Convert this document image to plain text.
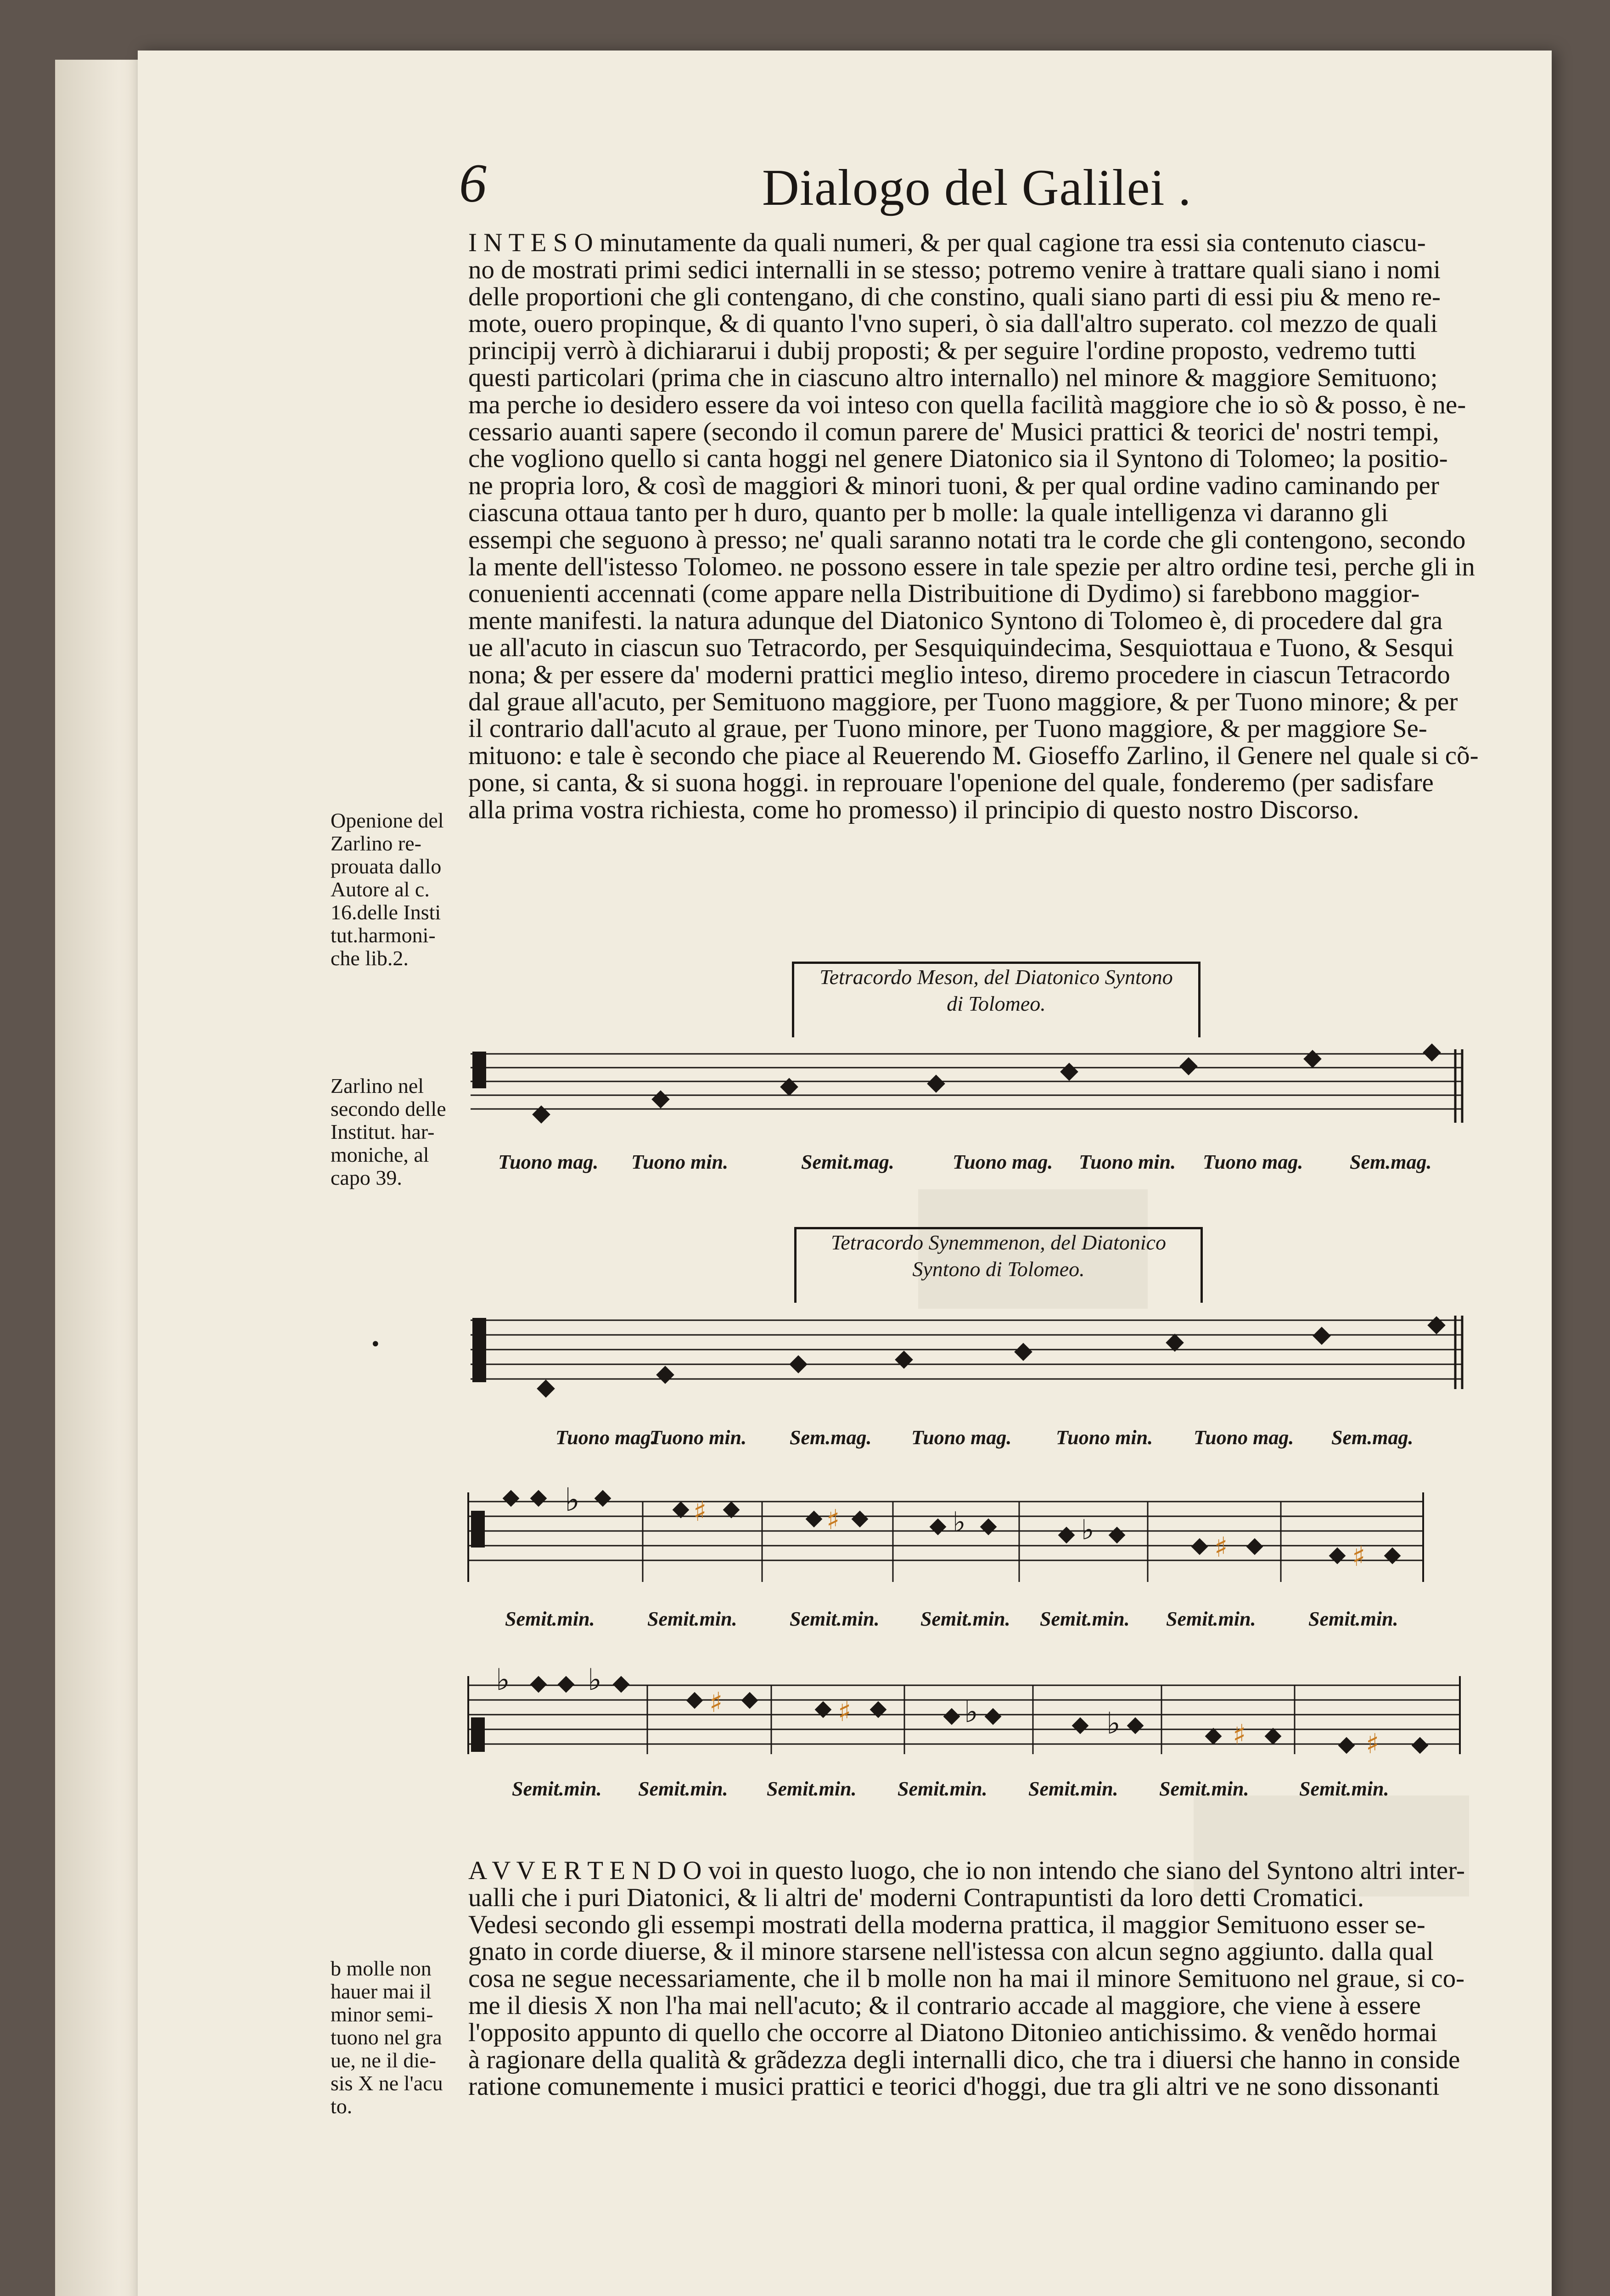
6	Dialogo del Galilei .
I N T E S O minutamente da quali numeri, & per qual cagione tra essi sia contenuto ciascu-
no de mostrati primi sedici internalli in se stesso; potremo venire à trattare quali siano i nomi
delle proportioni che gli contengano, di che constino, quali siano parti di essi piu & meno re-
mote, ouero propinque, & di quanto l'vno superi, ò sia dall'altro superato. col mezzo de quali
principij verrò à dichiararui i dubij proposti; & per seguire l'ordine proposto, vedremo tutti
questi particolari (prima che in ciascuno altro internallo) nel minore & maggiore Semituono;
ma perche io desidero essere da voi inteso con quella facilità maggiore che io sò & posso, è ne-
cessario auanti sapere (secondo il comun parere de' Musici prattici & teorici de' nostri tempi,
che vogliono quello si canta hoggi nel genere Diatonico sia il Syntono di Tolomeo; la positio-
ne propria loro, & così de maggiori & minori tuoni, & per qual ordine vadino caminando per
ciascuna ottaua tanto per h duro, quanto per b molle: la quale intelligenza vi daranno gli
essempi che seguono à presso; ne' quali saranno notati tra le corde che gli contengono, secondo
la mente dell'istesso Tolomeo. ne possono essere in tale spezie per altro ordine tesi, perche gli in
conuenienti accennati (come appare nella Distribuitione di Dydimo) si farebbono maggior-
mente manifesti. la natura adunque del Diatonico Syntono di Tolomeo è, di procedere dal gra
ue all'acuto in ciascun suo Tetracordo, per Sesquiquindecima, Sesquiottaua e Tuono, & Sesqui
nona; & per essere da' moderni prattici meglio inteso, diremo procedere in ciascun Tetracordo
dal graue all'acuto, per Semituono maggiore, per Tuono maggiore, & per Tuono minore; & per
il contrario dall'acuto al graue, per Tuono minore, per Tuono maggiore, & per maggiore Se-
mituono: e tale è secondo che piace al Reuerendo M. Gioseffo Zarlino, il Genere nel quale si cõ-
pone, si canta, & si suona hoggi. in reprouare l'openione del quale, fonderemo (per sadisfare
alla prima vostra richiesta, come ho promesso) il principio di questo nostro Discorso.
Openione del
Zarlino re-
prouata dallo
Autore al c.
16.delle Insti
tut.harmoni-
che lib.2.
Zarlino nel
secondo delle
Institut. har-
moniche, al
capo 39.
•
Tetracordo Meson, del Diatonico Syntono
di Tolomeo.
Tuono mag. Tuono min.	Semit.mag.	Tuono mag. Tuono min. Tuono mag. Sem.mag.
Tetracordo Synemmenon, del Diatonico
Syntono di Tolomeo.
Tuono mag.
Tuono min. Sem.mag. Tuono mag. Tuono min. Tuono mag. Sem.mag.
♭	♯	♯
♯	♯
♭	♭
Semit.min.	Semit.min.	Semit.min. Semit.min. Semit.min. Semit.min.	Semit.min.
♭	♭
♭	♭
♯	♯
♯	♯
Semit.min. Semit.min. Semit.min. Semit.min. Semit.min. Semit.min. Semit.min.
A V V E R T E N D O voi in questo luogo, che io non intendo che siano del Syntono altri inter-
ualli che i puri Diatonici, & li altri de' moderni Contrapuntisti da loro detti Cromatici.
Vedesi secondo gli essempi mostrati della moderna prattica, il maggior Semituono esser se-
gnato in corde diuerse, & il minore starsene nell'istessa con alcun segno aggiunto. dalla qual
cosa ne segue necessariamente, che il b molle non ha mai il minore Semituono nel graue, si co-
me il diesis X non l'ha mai nell'acuto; & il contrario accade al maggiore, che viene à essere
l'opposito appunto di quello che occorre al Diatono Ditonieo antichissimo. & venẽdo hormai
à ragionare della qualità & grãdezza degli internalli dico, che tra i diuersi che hanno in conside
ratione comunemente i musici prattici e teorici d'hoggi, due tra gli altri ve ne sono dissonanti
b molle non
hauer mai il
minor semi-
tuono nel gra
ue, ne il die-
sis X ne l'acu
to.
